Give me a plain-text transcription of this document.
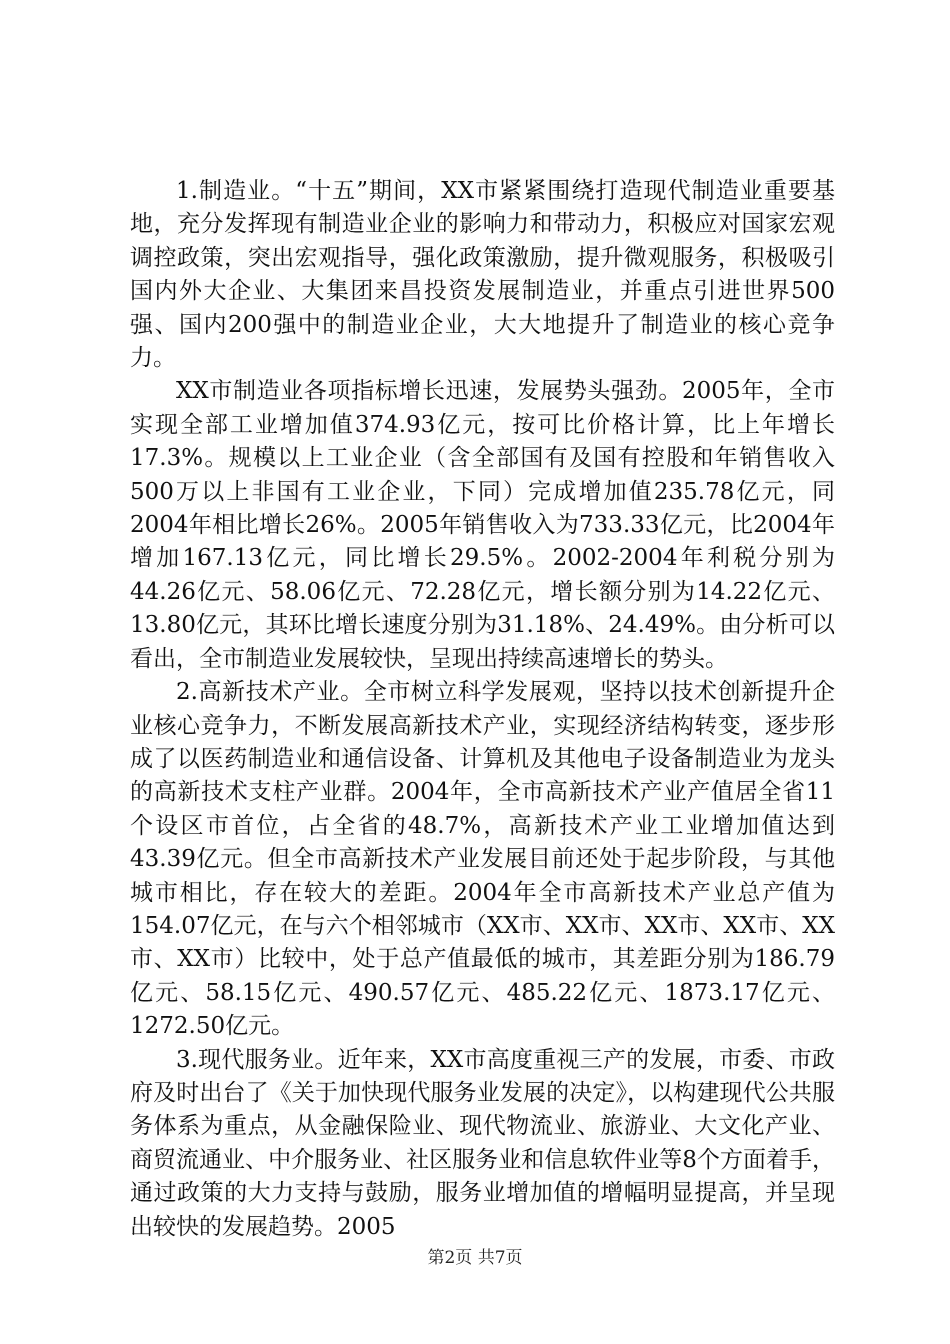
1.制造业。“十五”期间，XX市紧紧围绕打造现代制造业重要基地，充分发挥现有制造业企业的影响力和带动力，积极应对国家宏观调控政策，突出宏观指导，强化政策激励，提升微观服务，积极吸引国内外大企业、大集团来昌投资发展制造业，并重点引进世界500强、国内200强中的制造业企业，大大地提升了制造业的核心竞争力。

XX市制造业各项指标增长迅速，发展势头强劲。2005年，全市实现全部工业增加值374.93亿元，按可比价格计算，比上年增长17.3%。规模以上工业企业（含全部国有及国有控股和年销售收入500万以上非国有工业企业，下同）完成增加值235.78亿元，同2004年相比增长26%。2005年销售收入为733.33亿元，比2004年增加167.13亿元，同比增长29.5%。2002-2004年利税分别为44.26亿元、58.06亿元、72.28亿元，增长额分别为14.22亿元、13.80亿元，其环比增长速度分别为31.18%、24.49%。由分析可以看出，全市制造业发展较快，呈现出持续高速增长的势头。

2.高新技术产业。全市树立科学发展观，坚持以技术创新提升企业核心竞争力，不断发展高新技术产业，实现经济结构转变，逐步形成了以医药制造业和通信设备、计算机及其他电子设备制造业为龙头的高新技术支柱产业群。2004年，全市高新技术产业产值居全省11个设区市首位，占全省的48.7%，高新技术产业工业增加值达到43.39亿元。但全市高新技术产业发展目前还处于起步阶段，与其他城市相比，存在较大的差距。2004年全市高新技术产业总产值为154.07亿元，在与六个相邻城市（XX市、XX市、XX市、XX市、XX市、XX市）比较中，处于总产值最低的城市，其差距分别为186.79亿元、58.15亿元、490.57亿元、485.22亿元、1873.17亿元、1272.50亿元。

3.现代服务业。近年来，XX市高度重视三产的发展，市委、市政府及时出台了《关于加快现代服务业发展的决定》，以构建现代公共服务体系为重点，从金融保险业、现代物流业、旅游业、大文化产业、商贸流通业、中介服务业、社区服务业和信息软件业等8个方面着手，通过政策的大力支持与鼓励，服务业增加值的增幅明显提高，并呈现出较快的发展趋势。2005

第2页 共7页
